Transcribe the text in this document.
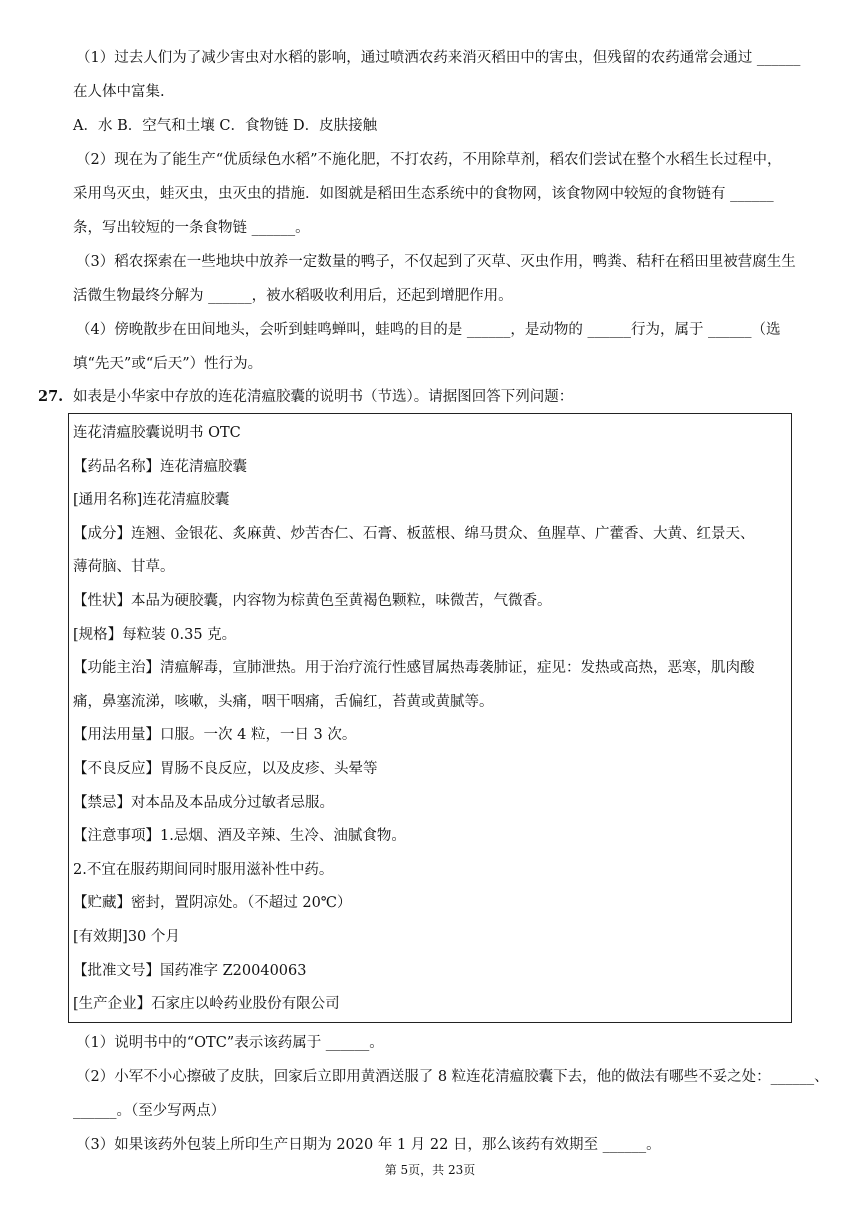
（1）过去人们为了减少害虫对水稻的影响，通过喷洒农药来消灭稻田中的害虫，但残留的农药通常会通过 ______
在人体中富集.
A．水 B．空气和土壤 C．食物链 D．皮肤接触
（2）现在为了能生产“优质绿色水稻”不施化肥，不打农药，不用除草剂，稻农们尝试在整个水稻生长过程中，
采用鸟灭虫，蛙灭虫，虫灭虫的措施．如图就是稻田生态系统中的食物网，该食物网中较短的食物链有 ______
条，写出较短的一条食物链 ______。
（3）稻农探索在一些地块中放养一定数量的鸭子，不仅起到了灭草、灭虫作用，鸭粪、秸秆在稻田里被营腐生生
活微生物最终分解为 ______，被水稻吸收利用后，还起到增肥作用。
（4）傍晚散步在田间地头，会听到蛙鸣蝉叫，蛙鸣的目的是 ______，是动物的 ______行为，属于 ______（选
填“先天”或“后天”）性行为。
27. 如表是小华家中存放的连花清瘟胶囊的说明书（节选）。请据图回答下列问题：
连花清瘟胶囊说明书 OTC
【药品名称】连花清瘟胶囊
[通用名称]连花清瘟胶囊
【成分】连翘、金银花、炙麻黄、炒苦杏仁、石膏、板蓝根、绵马贯众、鱼腥草、广藿香、大黄、红景天、
薄荷脑、甘草。
【性状】本品为硬胶囊，内容物为棕黄色至黄褐色颗粒，味微苦，气微香。
[规格】每粒装 0.35 克。
【功能主治】清瘟解毒，宣肺泄热。用于治疗流行性感冒属热毒袭肺证，症见：发热或高热，恶寒，肌肉酸
痛，鼻塞流涕，咳嗽，头痛，咽干咽痛，舌偏红，苔黄或黄腻等。
【用法用量】口服。一次 4 粒，一日 3 次。
【不良反应】胃肠不良反应，以及皮疹、头晕等
【禁忌】对本品及本品成分过敏者忌服。
【注意事项】1.忌烟、酒及辛辣、生冷、油腻食物。
2.不宜在服药期间同时服用滋补性中药。
【贮藏】密封，置阴凉处。（不超过 20℃）
[有效期]30 个月
【批准文号】国药准字 Z20040063
[生产企业】石家庄以岭药业股份有限公司
（1）说明书中的“OTC”表示该药属于 ______。
（2）小军不小心擦破了皮肤，回家后立即用黄酒送服了 8 粒连花清瘟胶囊下去，他的做法有哪些不妥之处：______、
______。（至少写两点）
（3）如果该药外包装上所印生产日期为 2020 年 1 月 22 日，那么该药有效期至 ______。
第 5页，共 23页
